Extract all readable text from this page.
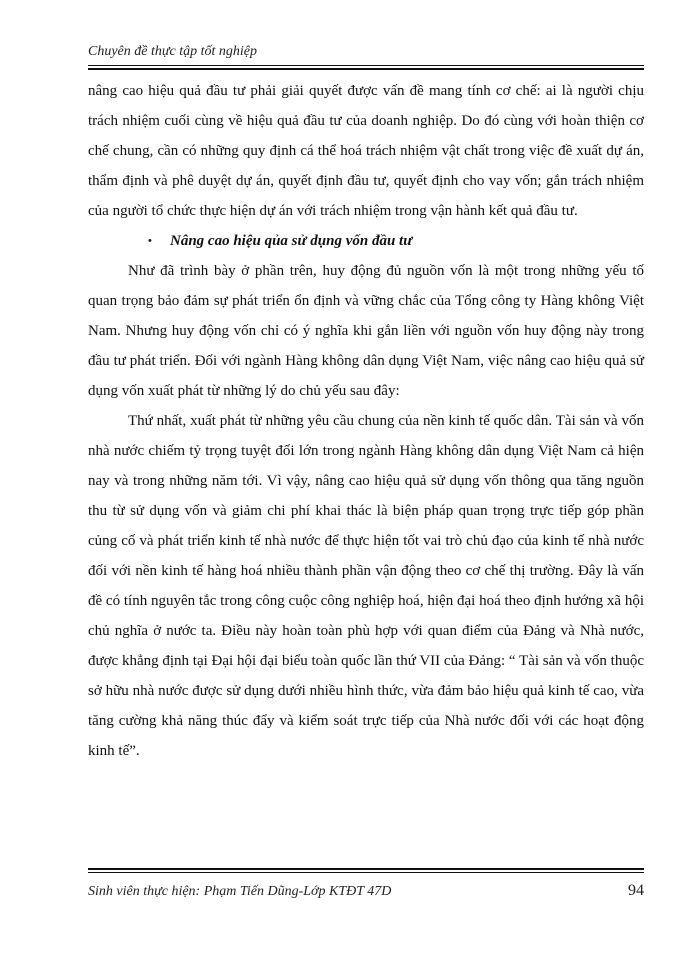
Chuyên đề thực tập tốt nghiệp

nâng cao hiệu quả đầu tư phải giải quyết được vấn đề mang tính cơ chế: ai là người chịu trách nhiệm cuối cùng về hiệu quả đầu tư của doanh nghiệp. Do đó cùng với hoàn thiện cơ chế chung, cần có những quy định cá thể hoá trách nhiệm vật chất trong việc đề xuất dự án, thẩm định và phê duyệt dự án, quyết định đầu tư, quyết định cho vay vốn; gắn trách nhiệm của người tổ chức thực hiện dự án với trách nhiệm trong vận hành kết quả đầu tư.

• Nâng cao hiệu qủa sử dụng vốn đầu tư

Như đã trình bày ở phần trên, huy động đủ nguồn vốn là một trong những yếu tố quan trọng bảo đảm sự phát triển ổn định và vững chắc của Tổng công ty Hàng không Việt Nam. Nhưng huy động vốn chỉ có ý nghĩa khi gắn liền với nguồn vốn huy động này trong đầu tư phát triển. Đối với ngành Hàng không dân dụng Việt Nam, việc nâng cao hiệu quả sử dụng vốn xuất phát từ những lý do chủ yếu sau đây:

Thứ nhất, xuất phát từ những yêu cầu chung của nền kinh tế quốc dân. Tài sản và vốn nhà nước chiếm tỷ trọng tuyệt đối lớn trong ngành Hàng không dân dụng Việt Nam cả hiện nay và trong những năm tới. Vì vậy, nâng cao hiệu quả sử dụng vốn thông qua tăng nguồn thu từ sử dụng vốn và giảm chi phí khai thác là biện pháp quan trọng trực tiếp góp phần củng cố và phát triển kinh tế nhà nước để thực hiện tốt vai trò chủ đạo của kinh tế nhà nước đối với nền kinh tế hàng hoá nhiều thành phần vận động theo cơ chế thị trường. Đây là vấn đề có tính nguyên tắc trong công cuộc công nghiệp hoá, hiện đại hoá theo định hướng xã hội chủ nghĩa ở nước ta. Điều này hoàn toàn phù hợp với quan điểm của Đảng và Nhà nước, được khẳng định tại Đại hội đại biểu toàn quốc lần thứ VII của Đảng: “ Tài sản và vốn thuộc sở hữu nhà nước được sử dụng dưới nhiều hình thức, vừa đảm bảo hiệu quả kinh tế cao, vừa tăng cường khả năng thúc đẩy và kiểm soát trực tiếp của Nhà nước đối với các hoạt động kinh tế”.

Sinh viên thực hiện: Phạm Tiến Dũng-Lớp KTĐT 47D	94
